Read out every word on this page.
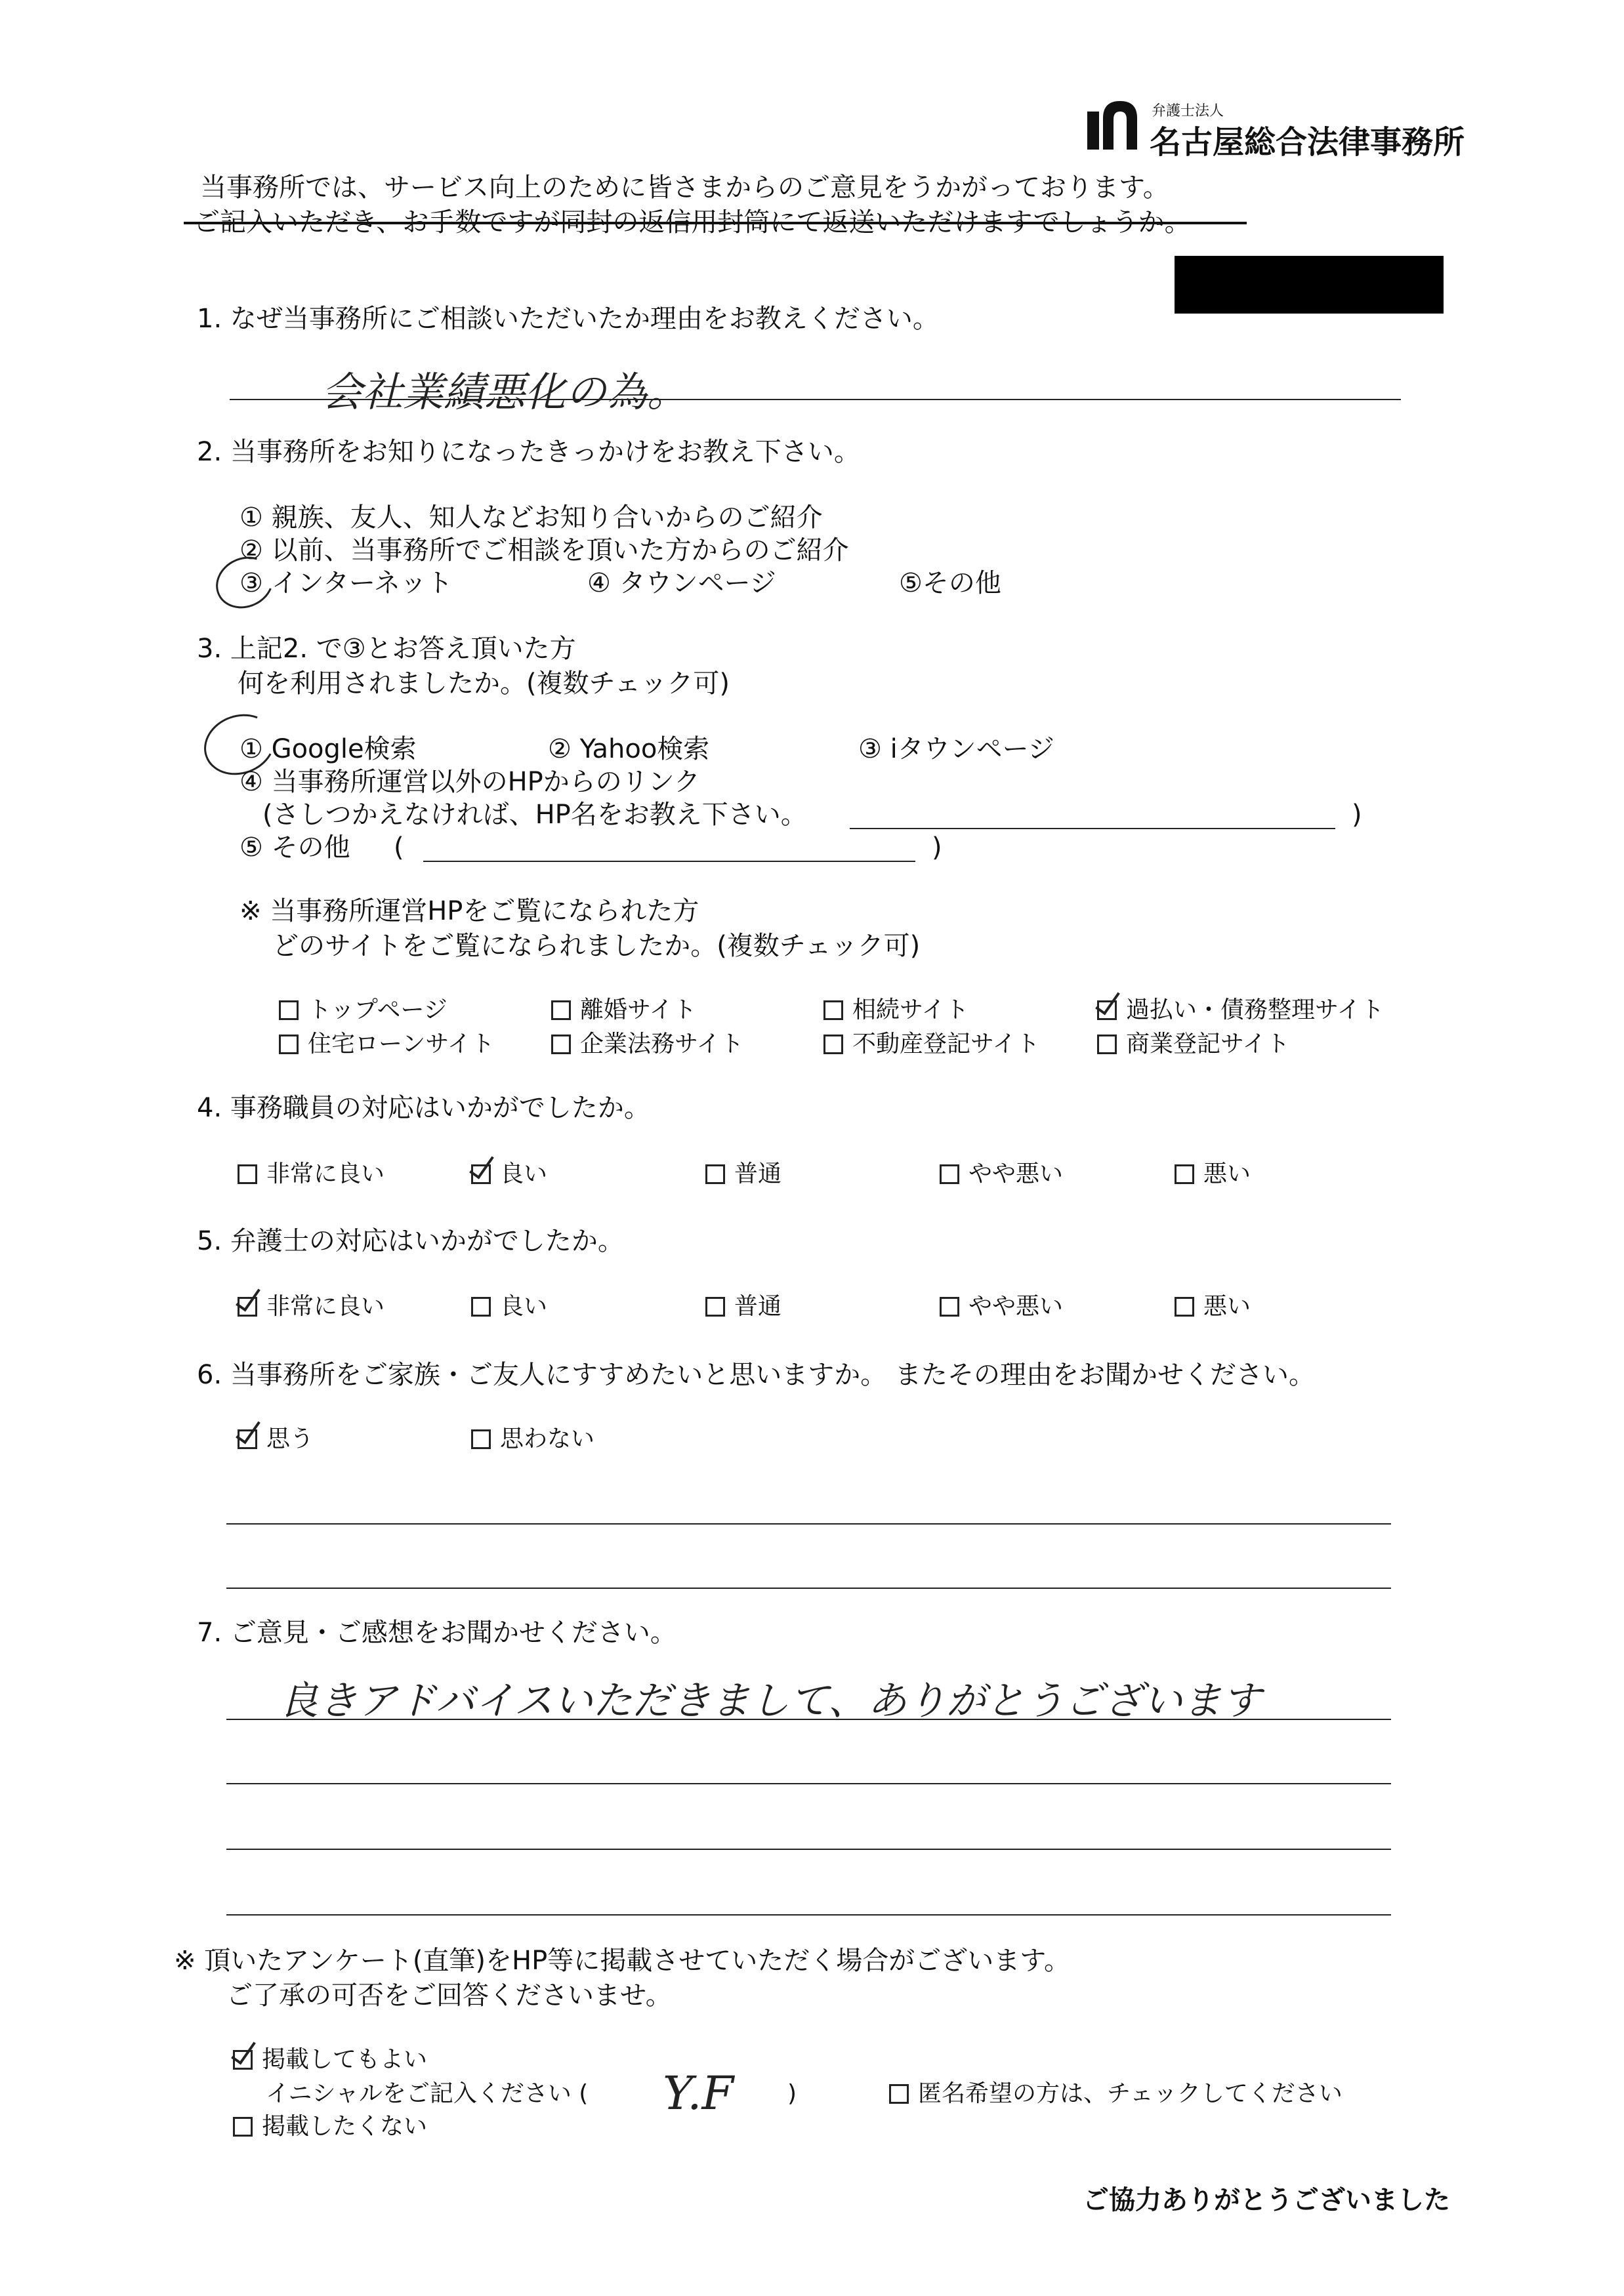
弁護士法人
名古屋総合法律事務所
当事務所では、サービス向上のために皆さまからのご意見をうかがっております。
ご記入いただき、お手数ですが同封の返信用封筒にて返送いただけますでしょうか。
1. なぜ当事務所にご相談いただいたか理由をお教えください。
会社業績悪化の為。
2. 当事務所をお知りになったきっかけをお教え下さい。
① 親族、友人、知人などお知り合いからのご紹介
② 以前、当事務所でご相談を頂いた方からのご紹介
③ インターネット	④ タウンページ	⑤その他
3. 上記2. で③とお答え頂いた方
何を利用されましたか。(複数チェック可)
① Google検索	② Yahoo検索	③ iタウンページ
④ 当事務所運営以外のHPからのリンク
(さしつかえなければ、HP名をお教え下さい。	)
⑤ その他 (	)
※ 当事務所運営HPをご覧になられた方
どのサイトをご覧になられましたか。(複数チェック可)
トップページ	離婚サイト	相続サイト	過払い・債務整理サイト
住宅ローンサイト	企業法務サイト	不動産登記サイト	商業登記サイト
4. 事務職員の対応はいかがでしたか。
非常に良い	良い	普通	やや悪い	悪い
5. 弁護士の対応はいかがでしたか。
非常に良い	良い	普通	やや悪い	悪い
6. 当事務所をご家族・ご友人にすすめたいと思いますか。 またその理由をお聞かせください。
思う	思わない
7. ご意見・ご感想をお聞かせください。
良きアドバイスいただきまして、ありがとうございます
※ 頂いたアンケート(直筆)をHP等に掲載させていただく場合がございます。
ご了承の可否をご回答くださいませ。
掲載してもよい
イニシャルをご記入ください ( Y.F )	匿名希望の方は、チェックしてください
掲載したくない
ご協力ありがとうございました
